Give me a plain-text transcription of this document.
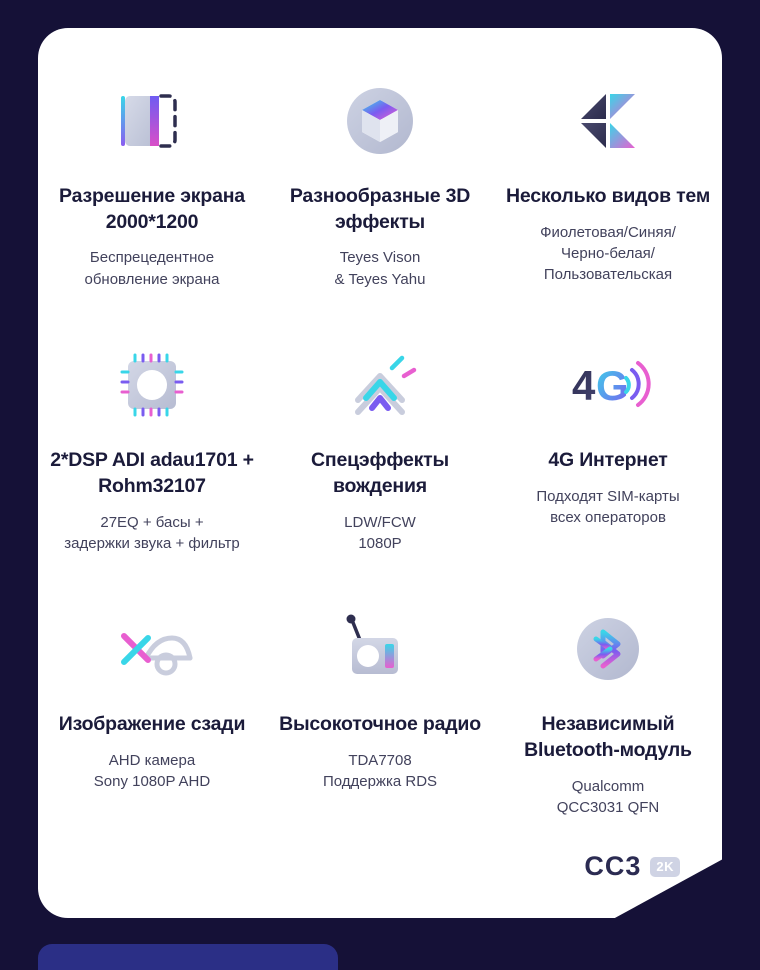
Разрешение экрана 2000*1200
Беспрецедентное
обновление экрана
Разнообразные 3D эффекты
Teyes Vison
& Teyes Yahu
Несколько видов тем
Фиолетовая/Синяя/
Черно-белая/
Пользовательская
2*DSP ADI adau1701 + Rohm32107
27EQ + басы +
задержки звука + фильтр
Спецэффекты вождения
LDW/FCW
1080P
4 G
4G Интернет
Подходят SIM-карты
всех операторов
Изображение сзади
AHD камера
Sony 1080P AHD
Высокоточное радио
TDA7708
Поддержка RDS
Независимый Bluetooth-модуль
Qualcomm
QCC3031 QFN
CC3	2K
